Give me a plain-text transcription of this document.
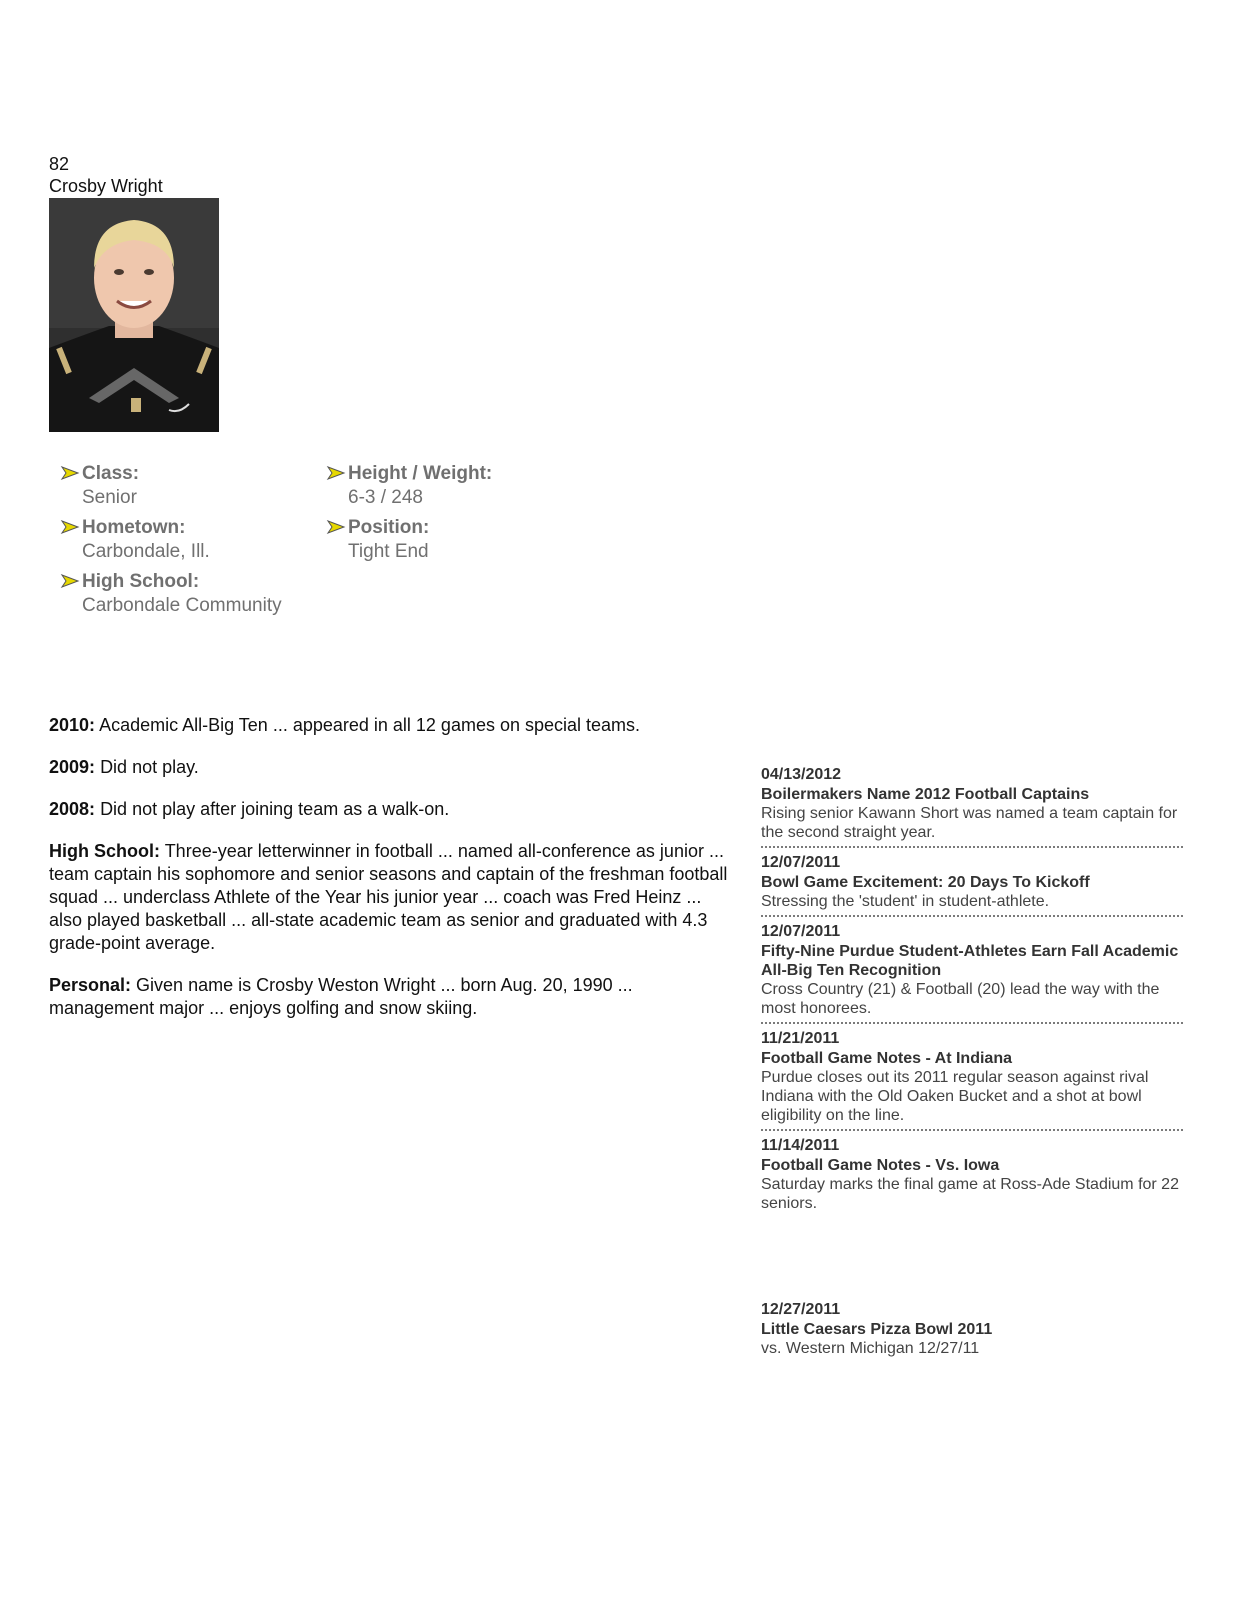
82
Crosby Wright
Class:
Senior
Height / Weight:
6-3 / 248
Hometown:
Carbondale, Ill.
Position:
Tight End
High School:
Carbondale Community

2010: Academic All-Big Ten ... appeared in all 12 games on special teams.

2009: Did not play.

2008: Did not play after joining team as a walk-on.

High School: Three-year letterwinner in football ... named all-conference as junior ... team captain his sophomore and senior seasons and captain of the freshman football squad ... underclass Athlete of the Year his junior year ... coach was Fred Heinz ... also played basketball ... all-state academic team as senior and graduated with 4.3 grade-point average.

Personal: Given name is Crosby Weston Wright ... born Aug. 20, 1990 ... management major ... enjoys golfing and snow skiing.

04/13/2012
Boilermakers Name 2012 Football Captains
Rising senior Kawann Short was named a team captain for the second straight year.
12/07/2011
Bowl Game Excitement: 20 Days To Kickoff
Stressing the 'student' in student-athlete.
12/07/2011
Fifty-Nine Purdue Student-Athletes Earn Fall Academic All-Big Ten Recognition
Cross Country (21) & Football (20) lead the way with the most honorees.
11/21/2011
Football Game Notes - At Indiana
Purdue closes out its 2011 regular season against rival Indiana with the Old Oaken Bucket and a shot at bowl eligibility on the line.
11/14/2011
Football Game Notes - Vs. Iowa
Saturday marks the final game at Ross-Ade Stadium for 22 seniors.
12/27/2011
Little Caesars Pizza Bowl 2011
vs. Western Michigan 12/27/11
